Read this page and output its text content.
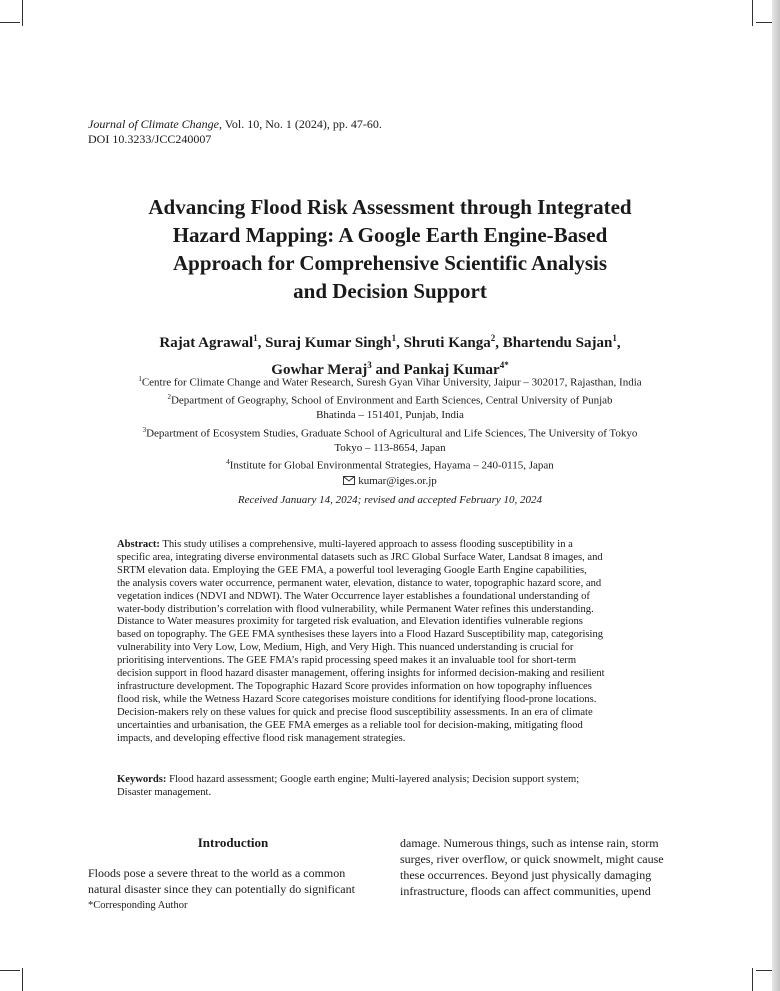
Journal of Climate Change, Vol. 10, No. 1 (2024), pp. 47-60.
DOI 10.3233/JCC240007
Advancing Flood Risk Assessment through Integrated
Hazard Mapping: A Google Earth Engine-Based
Approach for Comprehensive Scientific Analysis
and Decision Support
Rajat Agrawal$^1$, Suraj Kumar Singh$^1$, Shruti Kanga$^2$, Bhartendu Sajan$^1$,
Gowhar Meraj$^3$ and Pankaj Kumar$^{4*}$
$^1$Centre for Climate Change and Water Research, Suresh Gyan Vihar University, Jaipur – 302017, Rajasthan, India
$^2$Department of Geography, School of Environment and Earth Sciences, Central University of Punjab
Bhatinda – 151401, Punjab, India
$^3$Department of Ecosystem Studies, Graduate School of Agricultural and Life Sciences, The University of Tokyo
Tokyo – 113-8654, Japan
$^4$Institute for Global Environmental Strategies, Hayama – 240-0115, Japan
kumar@iges.or.jp
Received January 14, 2024; revised and accepted February 10, 2024
Abstract: This study utilises a comprehensive, multi-layered approach to assess flooding susceptibility in a
specific area, integrating diverse environmental datasets such as JRC Global Surface Water, Landsat 8 images, and
SRTM elevation data. Employing the GEE FMA, a powerful tool leveraging Google Earth Engine capabilities,
the analysis covers water occurrence, permanent water, elevation, distance to water, topographic hazard score, and
vegetation indices (NDVI and NDWI). The Water Occurrence layer establishes a foundational understanding of
water-body distribution’s correlation with flood vulnerability, while Permanent Water refines this understanding.
Distance to Water measures proximity for targeted risk evaluation, and Elevation identifies vulnerable regions
based on topography. The GEE FMA synthesises these layers into a Flood Hazard Susceptibility map, categorising
vulnerability into Very Low, Low, Medium, High, and Very High. This nuanced understanding is crucial for
prioritising interventions. The GEE FMA’s rapid processing speed makes it an invaluable tool for short-term
decision support in flood hazard disaster management, offering insights for informed decision-making and resilient
infrastructure development. The Topographic Hazard Score provides information on how topography influences
flood risk, while the Wetness Hazard Score categorises moisture conditions for identifying flood-prone locations.
Decision-makers rely on these values for quick and precise flood susceptibility assessments. In an era of climate
uncertainties and urbanisation, the GEE FMA emerges as a reliable tool for decision-making, mitigating flood
impacts, and developing effective flood risk management strategies.
Keywords: Flood hazard assessment; Google earth engine; Multi-layered analysis; Decision support system;
Disaster management.
Introduction
Floods pose a severe threat to the world as a common
natural disaster since they can potentially do significant
*Corresponding Author
damage. Numerous things, such as intense rain, storm
surges, river overflow, or quick snowmelt, might cause
these occurrences. Beyond just physically damaging
infrastructure, floods can affect communities, upend
